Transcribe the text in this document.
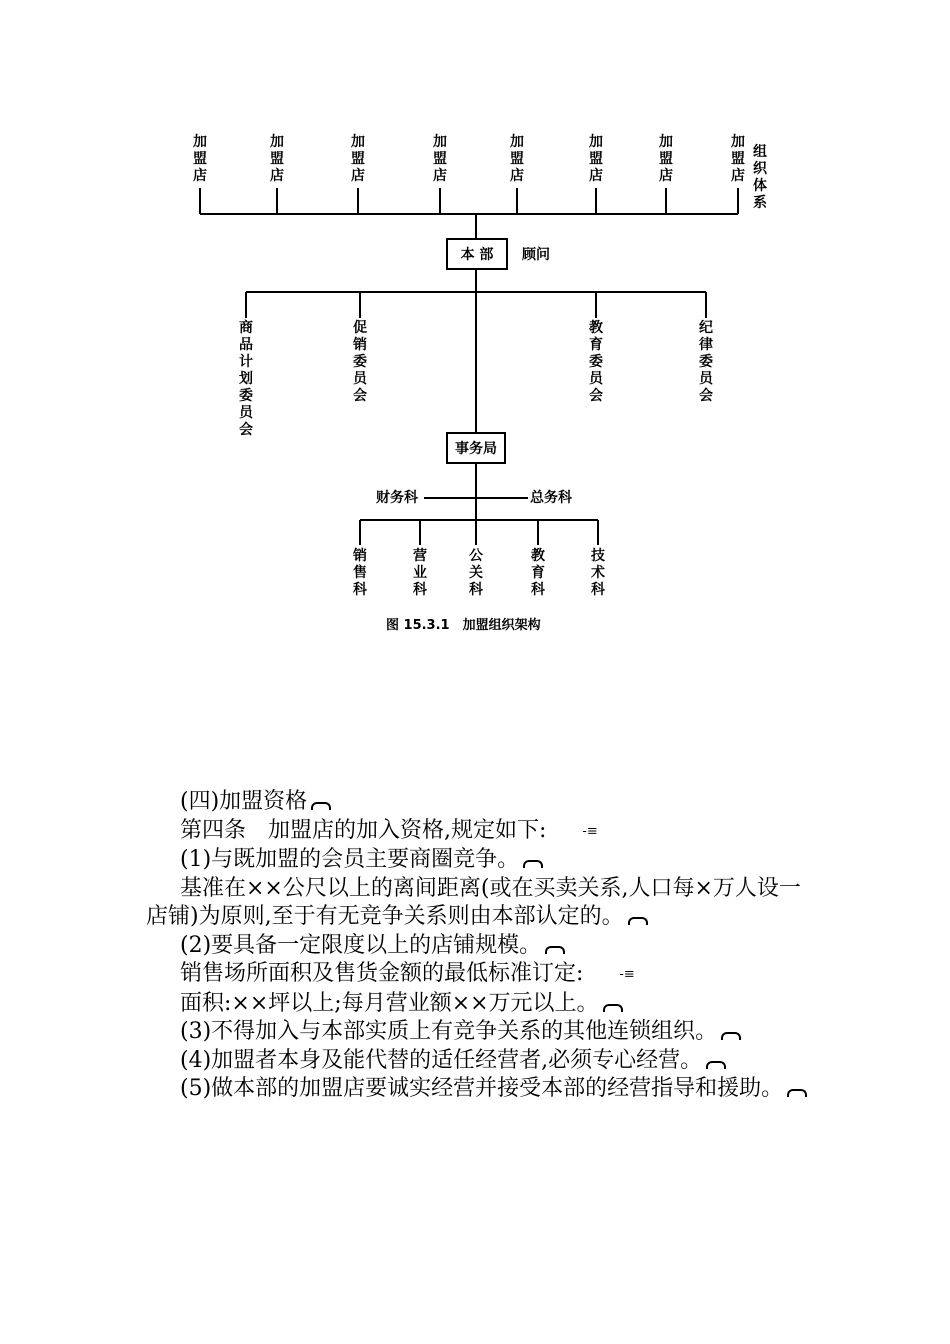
加盟店
加盟店
加盟店
加盟店
加盟店
加盟店
加盟店
加盟店
组织体系
本 部 顾问
商品计划委员会
促销委员会
教育委员会
纪律委员会
事务局
财务科	总务科
销售科
营业科
公关科
教育科
技术科
图 15.3.1　加盟组织架构

(四)加盟资格

第四条　加盟店的加入资格,规定如下:	-≡

(1)与既加盟的会员主要商圈竞争。

基准在××公尺以上的离间距离(或在买卖关系,人口每×万人设一店铺)为原则,至于有无竞争关系则由本部认定的。

(2)要具备一定限度以上的店铺规模。

销售场所面积及售货金额的最低标准订定:	-≡

面积:××坪以上;每月营业额××万元以上。

(3)不得加入与本部实质上有竞争关系的其他连锁组织。

(4)加盟者本身及能代替的适任经营者,必须专心经营。

(5)做本部的加盟店要诚实经营并接受本部的经营指导和援助。
